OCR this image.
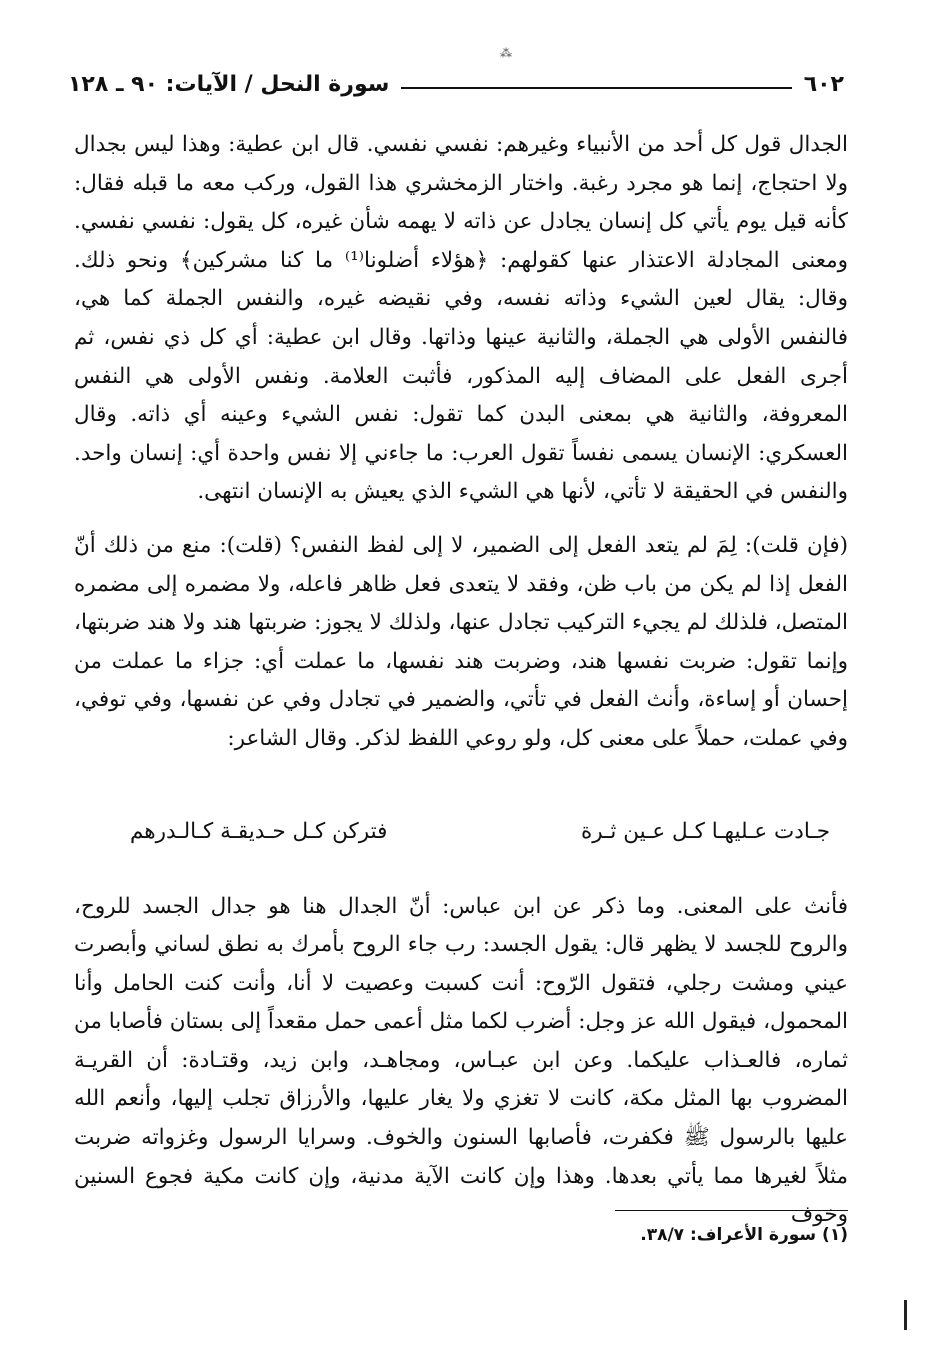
⁂
٦٠٢
سورة النحل / الآيات: ٩٠ ـ ١٢٨

الجدال قول كل أحد من الأنبياء وغيرهم: نفسي نفسي. قال ابن عطية: وهذا ليس بجدال ولا احتجاج، إنما هو مجرد رغبة. واختار الزمخشري هذا القول، وركب معه ما قبله فقال: كأنه قيل يوم يأتي كل إنسان يجادل عن ذاته لا يهمه شأن غيره، كل يقول: نفسي نفسي. ومعنى المجادلة الاعتذار عنها كقولهم: ﴿هؤلاء أضلونا⁽¹⁾ ما كنا مشركين﴾ ونحو ذلك. وقال: يقال لعين الشيء وذاته نفسه، وفي نقيضه غيره، والنفس الجملة كما هي، فالنفس الأولى هي الجملة، والثانية عينها وذاتها. وقال ابن عطية: أي كل ذي نفس، ثم أجرى الفعل على المضاف إليه المذكور، فأثبت العلامة. ونفس الأولى هي النفس المعروفة، والثانية هي بمعنى البدن كما تقول: نفس الشيء وعينه أي ذاته. وقال العسكري: الإنسان يسمى نفساً تقول العرب: ما جاءني إلا نفس واحدة أي: إنسان واحد. والنفس في الحقيقة لا تأتي، لأنها هي الشيء الذي يعيش به الإنسان انتهى.

(فإن قلت): لِمَ لم يتعد الفعل إلى الضمير، لا إلى لفظ النفس؟ (قلت): منع من ذلك أنّ الفعل إذا لم يكن من باب ظن، وفقد لا يتعدى فعل ظاهر فاعله، ولا مضمره إلى مضمره المتصل، فلذلك لم يجيء التركيب تجادل عنها، ولذلك لا يجوز: ضربتها هند ولا هند ضربتها، وإنما تقول: ضربت نفسها هند، وضربت هند نفسها، ما عملت أي: جزاء ما عملت من إحسان أو إساءة، وأنث الفعل في تأتي، والضمير في تجادل وفي عن نفسها، وفي توفي، وفي عملت، حملاً على معنى كل، ولو روعي اللفظ لذكر. وقال الشاعر:

جـادت عـليهـا كـل عـين ثـرة
فتركن كـل حـديقـة كـالـدرهم

فأنث على المعنى. وما ذكر عن ابن عباس: أنّ الجدال هنا هو جدال الجسد للروح، والروح للجسد لا يظهر قال: يقول الجسد: رب جاء الروح بأمرك به نطق لساني وأبصرت عيني ومشت رجلي، فتقول الرّوح: أنت كسبت وعصيت لا أنا، وأنت كنت الحامل وأنا المحمول، فيقول الله عز وجل: أضرب لكما مثل أعمى حمل مقعداً إلى بستان فأصابا من ثماره، فالعـذاب عليكما. وعن ابن عبـاس، ومجاهـد، وابن زيد، وقتـادة: أن القريـة المضروب بها المثل مكة، كانت لا تغزي ولا يغار عليها، والأرزاق تجلب إليها، وأنعم الله عليها بالرسول ﷺ فكفرت، فأصابها السنون والخوف. وسرايا الرسول وغزواته ضربت مثلاً لغيرها مما يأتي بعدها. وهذا وإن كانت الآية مدنية، وإن كانت مكية فجوع السنين وخوف

(١) سورة الأعراف: ٣٨/٧.
